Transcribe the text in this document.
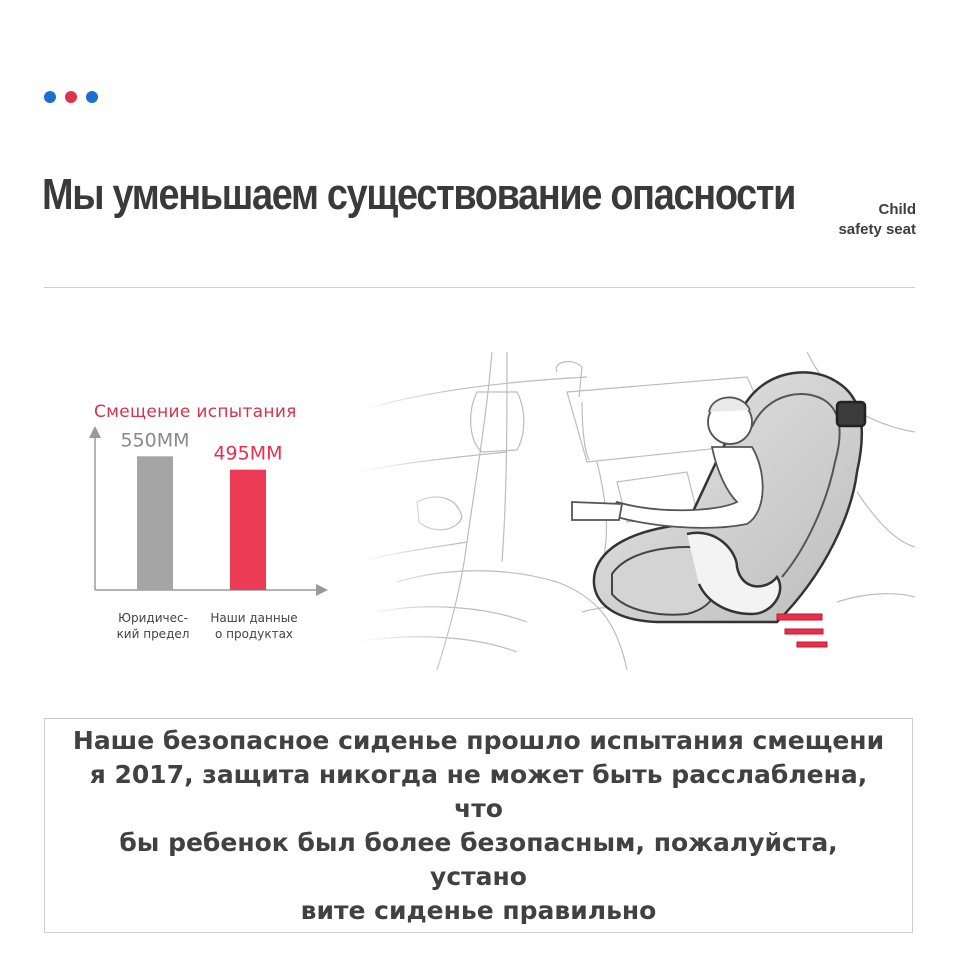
Мы уменьшаем существование опасности	Child
safety seat
Смещение испытания
550MM
495MM
Юридичес-
кий предел
Наши данные
о продуктах
Наше безопасное сиденье прошло испытания смещени
я 2017, защита никогда не может быть расслаблена, что
бы ребенок был более безопасным, пожалуйста, устано
вите сиденье правильно
